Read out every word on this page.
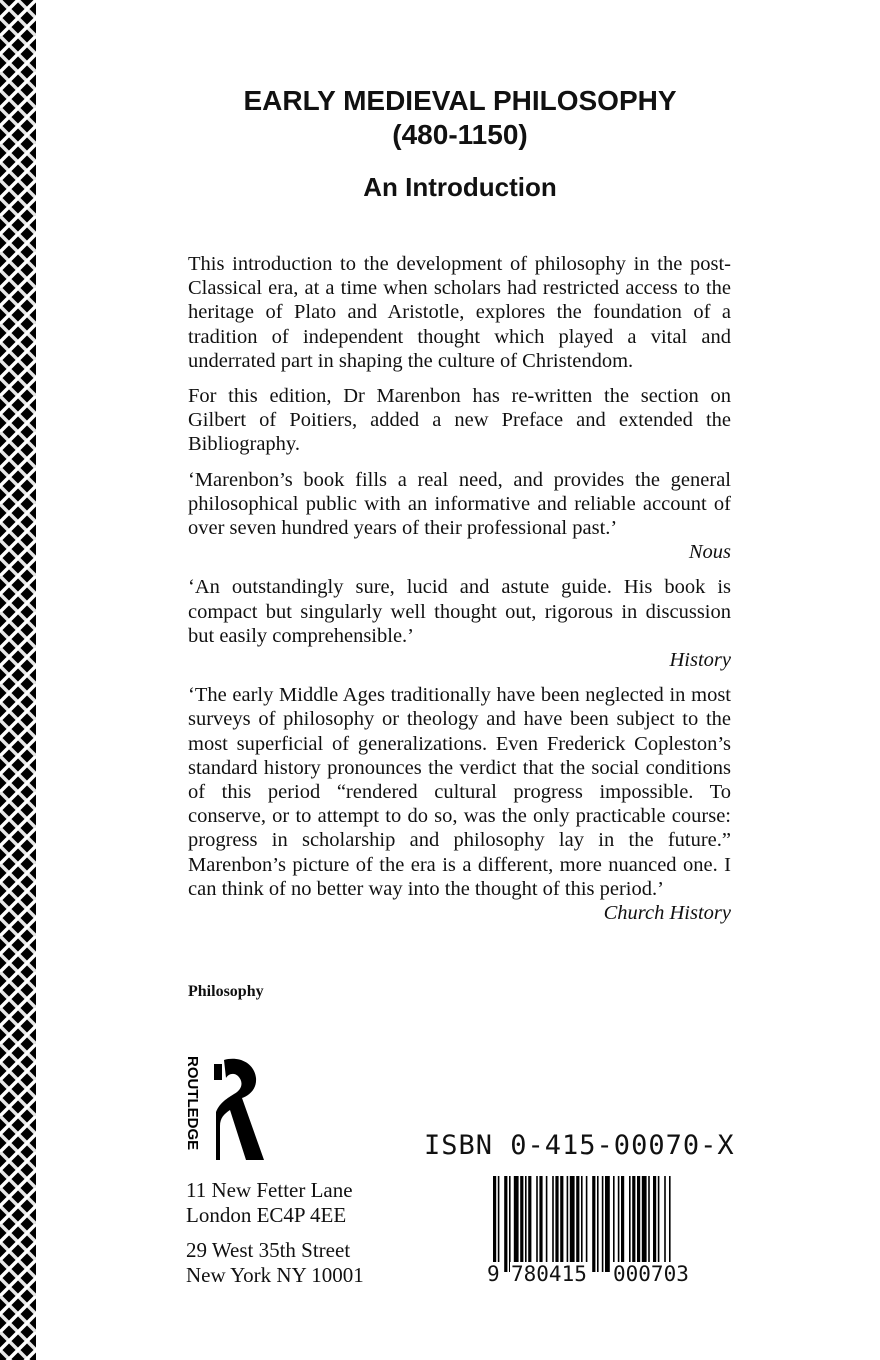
EARLY MEDIEVAL PHILOSOPHY
(480-1150)
An Introduction

This introduction to the development of philosophy in the post-Classical era, at a time when scholars had restricted access to the heritage of Plato and Aristotle, explores the foundation of a tradition of independent thought which played a vital and underrated part in shaping the culture of Christendom.

For this edition, Dr Marenbon has re-written the section on Gilbert of Poitiers, added a new Preface and extended the Bibliography.

‘Marenbon’s book fills a real need, and provides the general philosophical public with an informative and reliable account of over seven hundred years of their professional past.’
Nous

‘An outstandingly sure, lucid and astute guide. His book is compact but singularly well thought out, rigorous in discussion but easily comprehensible.’
History

‘The early Middle Ages traditionally have been neglected in most surveys of philosophy or theology and have been subject to the most superficial of generalizations. Even Frederick Copleston’s standard history pronounces the verdict that the social conditions of this period “rendered cultural progress impossible. To conserve, or to attempt to do so, was the only practicable course: progress in scholarship and philosophy lay in the future.” Marenbon’s picture of the era is a different, more nuanced one. I can think of no better way into the thought of this period.’
Church History

Philosophy
ROUTLEDGE
11 New Fetter Lane
London EC4P 4EE
29 West 35th Street
New York NY 10001
ISBN 0-415-00070-X
9 780415 000703
